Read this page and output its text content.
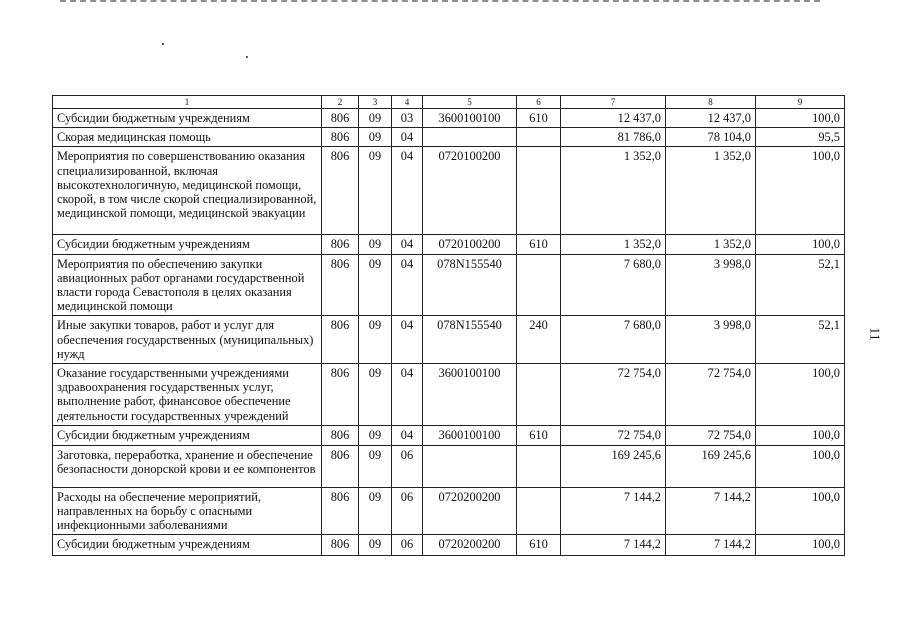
11
1	2	3	4	5	6	7	8	9
Субсидии бюджетным учреждениям	806	09	03	3600100100	610	12 437,0	12 437,0	100,0
Скорая медицинская помощь	806	09	04			81 786,0	78 104,0	95,5
Мероприятия по совершенствованию оказания специализированной, включая высокотехнологичную, медицинской помощи, скорой, в том числе скорой специализированной, медицинской помощи, медицинской эвакуации	806	09	04	0720100200		1 352,0	1 352,0	100,0
Субсидии бюджетным учреждениям	806	09	04	0720100200	610	1 352,0	1 352,0	100,0
Мероприятия по обеспечению закупки авиационных работ органами государственной власти города Севастополя в целях оказания медицинской помощи	806	09	04	078N155540		7 680,0	3 998,0	52,1
Иные закупки товаров, работ и услуг для обеспечения государственных (муниципальных) нужд	806	09	04	078N155540	240	7 680,0	3 998,0	52,1
Оказание государственными учреждениями здравоохранения государственных услуг, выполнение работ, финансовое обеспечение деятельности государственных учреждений	806	09	04	3600100100		72 754,0	72 754,0	100,0
Субсидии бюджетным учреждениям	806	09	04	3600100100	610	72 754,0	72 754,0	100,0
Заготовка, переработка, хранение и обеспечение безопасности донорской крови и ее компонентов	806	09	06			169 245,6	169 245,6	100,0
Расходы на обеспечение мероприятий, направленных на борьбу с опасными инфекционными заболеваниями	806	09	06	0720200200		7 144,2	7 144,2	100,0
Субсидии бюджетным учреждениям	806	09	06	0720200200	610	7 144,2	7 144,2	100,0
